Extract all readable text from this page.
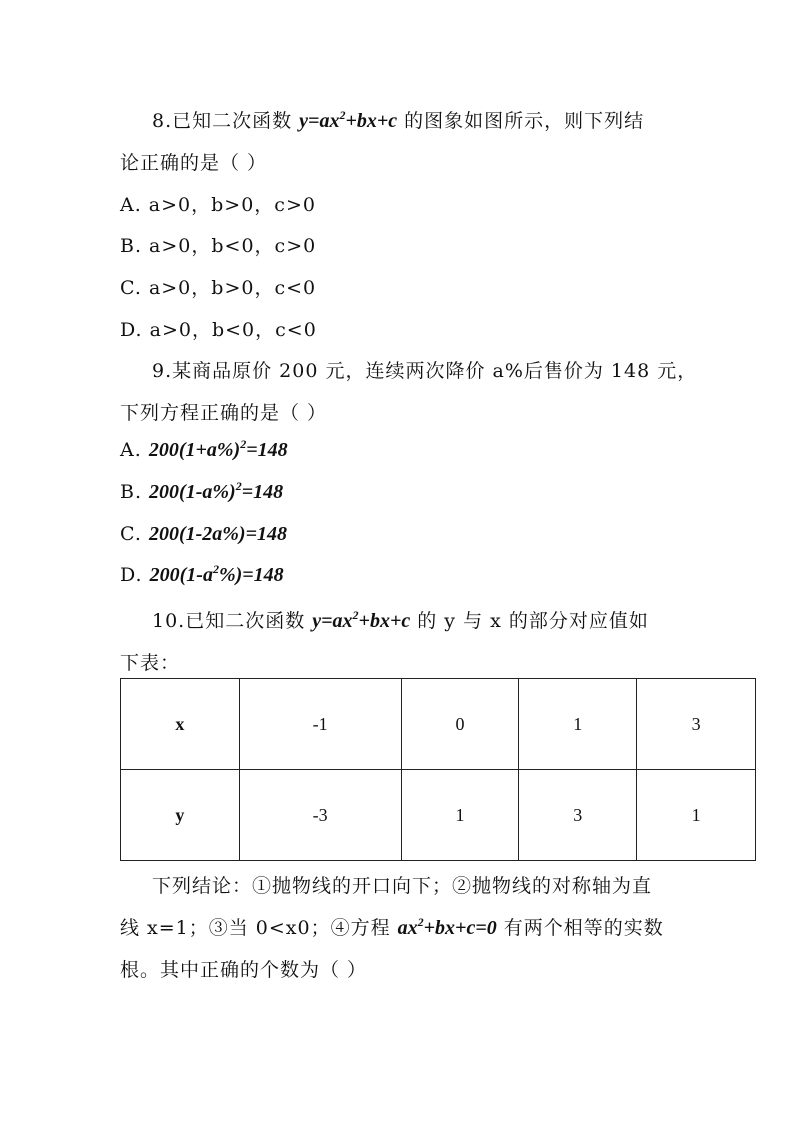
8.已知二次函数 $y=ax^2+bx+c$ 的图象如图所示，则下列结
论正确的是（ ）
A. a>0，b>0，c>0
B. a>0，b<0，c>0
C. a>0，b>0，c<0
D. a>0，b<0，c<0
9.某商品原价 200 元，连续两次降价 a%后售价为 148 元，
下列方程正确的是（ ）
A. $200(1+a\%)^2=148$
B. $200(1-a\%)^2=148$
C. 200(1-2a%)=148
D. $200(1-a^2\%)=148$
10.已知二次函数 $y=ax^2+bx+c$ 的 y 与 x 的部分对应值如
下表：
x	-1	0	1	3
y	-3	1	3	1
下列结论：①抛物线的开口向下；②抛物线的对称轴为直
线 x=1；③当 0<x0；④方程 $ax^2+bx+c=0$ 有两个相等的实数
根。其中正确的个数为（ ）
